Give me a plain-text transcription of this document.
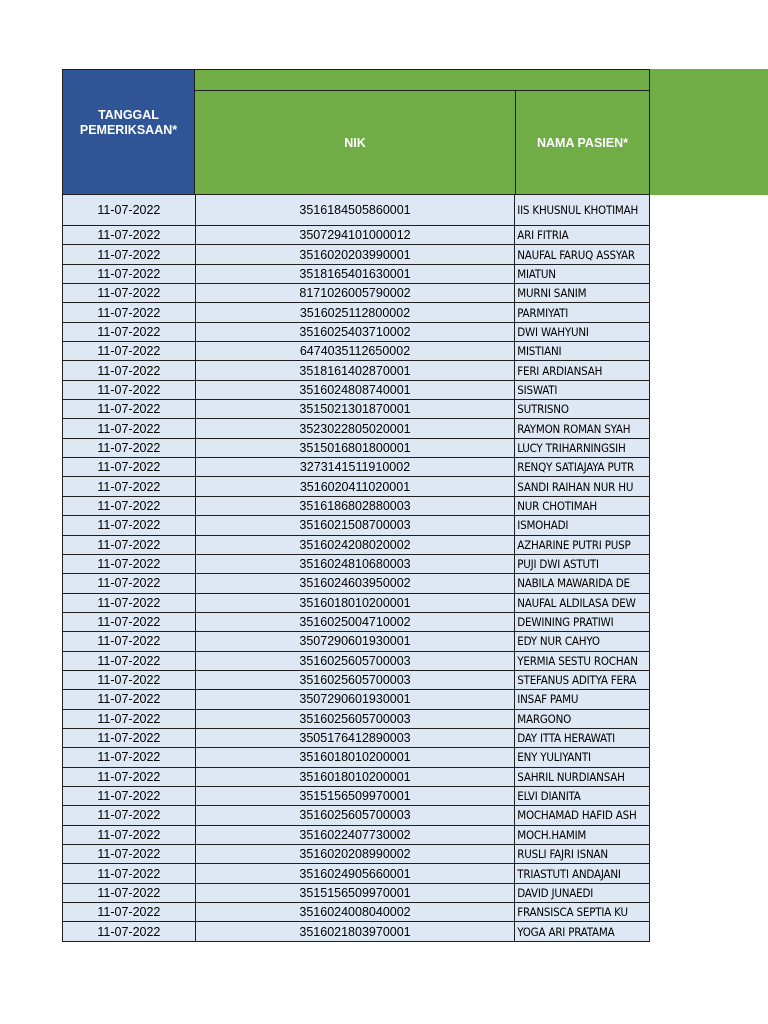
TANGGAL PEMERIKSAAN*
NIK	NAMA PASIEN*
11-07-2022	3516184505860001	IIS KHUSNUL KHOTIMAH
11-07-2022	3507294101000012	ARI FITRIA
11-07-2022	3516020203990001	NAUFAL FARUQ ASSYAR
11-07-2022	3518165401630001	MIATUN
11-07-2022	8171026005790002	MURNI SANIM
11-07-2022	3516025112800002	PARMIYATI
11-07-2022	3516025403710002	DWI WAHYUNI
11-07-2022	6474035112650002	MISTIANI
11-07-2022	3518161402870001	FERI ARDIANSAH
11-07-2022	3516024808740001	SISWATI
11-07-2022	3515021301870001	SUTRISNO
11-07-2022	3523022805020001	RAYMON ROMAN SYAH
11-07-2022	3515016801800001	LUCY TRIHARNINGSIH
11-07-2022	3273141511910002	RENQY SATIAJAYA PUTR
11-07-2022	3516020411020001	SANDI RAIHAN NUR HU
11-07-2022	3516186802880003	NUR CHOTIMAH
11-07-2022	3516021508700003	ISMOHADI
11-07-2022	3516024208020002	AZHARINE PUTRI PUSP
11-07-2022	3516024810680003	PUJI DWI ASTUTI
11-07-2022	3516024603950002	NABILA MAWARIDA DE
11-07-2022	3516018010200001	NAUFAL ALDILASA DEW
11-07-2022	3516025004710002	DEWINING PRATIWI
11-07-2022	3507290601930001	EDY NUR CAHYO
11-07-2022	3516025605700003	YERMIA SESTU ROCHAN
11-07-2022	3516025605700003	STEFANUS ADITYA FERA
11-07-2022	3507290601930001	INSAF PAMU
11-07-2022	3516025605700003	MARGONO
11-07-2022	3505176412890003	DAY ITTA HERAWATI
11-07-2022	3516018010200001	ENY YULIYANTI
11-07-2022	3516018010200001	SAHRIL NURDIANSAH
11-07-2022	3515156509970001	ELVI DIANITA
11-07-2022	3516025605700003	MOCHAMAD HAFID ASH
11-07-2022	3516022407730002	MOCH.HAMIM
11-07-2022	3516020208990002	RUSLI FAJRI ISNAN
11-07-2022	3516024905660001	TRIASTUTI ANDAJANI
11-07-2022	3515156509970001	DAVID JUNAEDI
11-07-2022	3516024008040002	FRANSISCA SEPTIA KU
11-07-2022	3516021803970001	YOGA ARI PRATAMA
